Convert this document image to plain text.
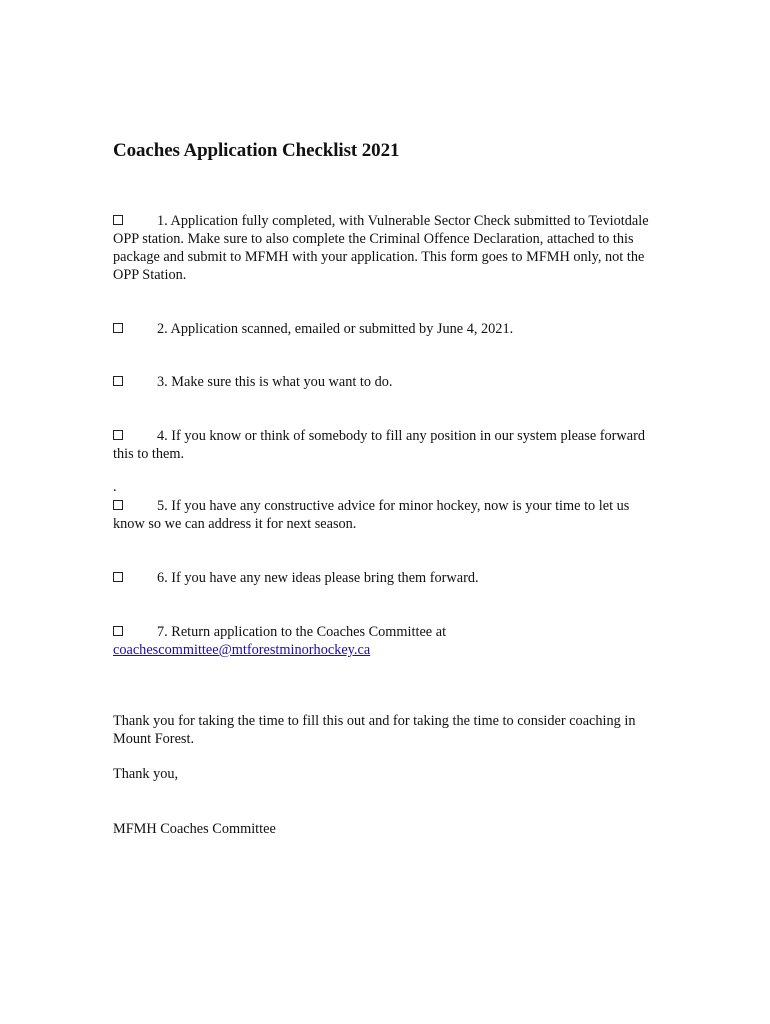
Coaches Application Checklist 2021
1. Application fully completed, with Vulnerable Sector Check submitted to Teviotdale OPP station. Make sure to also complete the Criminal Offence Declaration, attached to this package and submit to MFMH with your application. This form goes to MFMH only, not the OPP Station.
2. Application scanned, emailed or submitted by June 4, 2021.
3. Make sure this is what you want to do.
4. If you know or think of somebody to fill any position in our system please forward this to them.
.
5. If you have any constructive advice for minor hockey, now is your time to let us know so we can address it for next season.
6. If you have any new ideas please bring them forward.
7. Return application to the Coaches Committee at
coachescommittee@mtforestminorhockey.ca
Thank you for taking the time to fill this out and for taking the time to consider coaching in Mount Forest.
Thank you,
MFMH Coaches Committee
